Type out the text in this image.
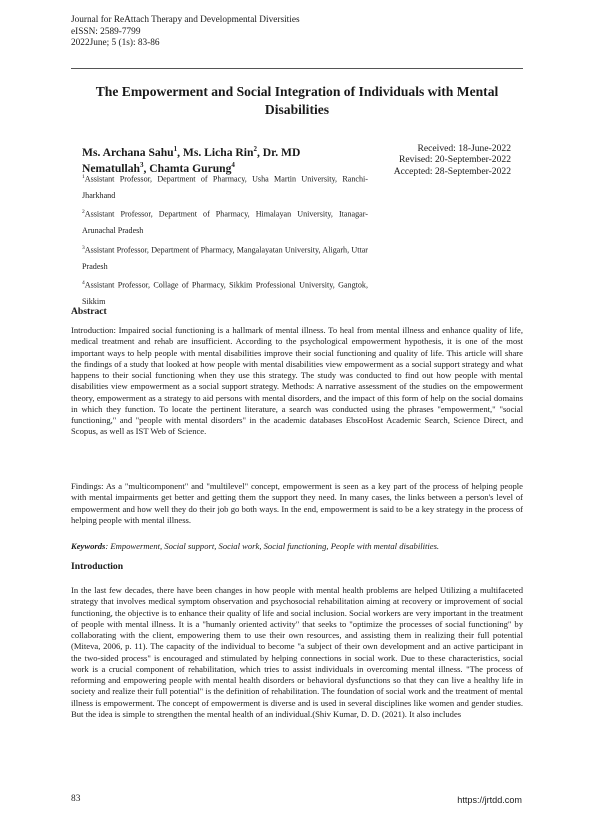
Journal for ReAttach Therapy and Developmental Diversities
eISSN: 2589-7799
2022June; 5 (1s): 83-86
The Empowerment and Social Integration of Individuals with Mental Disabilities
Ms. Archana Sahu$^1$, Ms. Licha Rin$^2$, Dr. MD
Nematullah$^3$, Chamta Gurung$^4$
Received: 18-June-2022
Revised: 20-September-2022
Accepted: 28-September-2022
$^1$Assistant Professor, Department of Pharmacy, Usha Martin University, Ranchi-Jharkhand
$^2$Assistant Professor, Department of Pharmacy, Himalayan University, Itanagar-Arunachal Pradesh
$^3$Assistant Professor, Department of Pharmacy, Mangalayatan University, Aligarh, Uttar Pradesh
$^4$Assistant Professor, Collage of Pharmacy, Sikkim Professional University, Gangtok, Sikkim
Abstract

Introduction: Impaired social functioning is a hallmark of mental illness. To heal from mental illness and enhance quality of life, medical treatment and rehab are insufficient. According to the psychological empowerment hypothesis, it is one of the most important ways to help people with mental disabilities improve their social functioning and quality of life. This article will share the findings of a study that looked at how people with mental disabilities view empowerment as a social support strategy and what happens to their social functioning when they use this strategy. The study was conducted to find out how people with mental disabilities view empowerment as a social support strategy. Methods: A narrative assessment of the studies on the empowerment theory, empowerment as a strategy to aid persons with mental disorders, and the impact of this form of help on the social domains in which they function. To locate the pertinent literature, a search was conducted using the phrases "empowerment," "social functioning," and "people with mental disorders" in the academic databases EbscoHost Academic Search, Science Direct, and Scopus, as well as IST Web of Science.

Findings: As a "multicomponent" and "multilevel" concept, empowerment is seen as a key part of the process of helping people with mental impairments get better and getting them the support they need. In many cases, the links between a person's level of empowerment and how well they do their job go both ways. In the end, empowerment is said to be a key strategy in the process of helping people with mental illness.

Keywords: Empowerment, Social support, Social work, Social functioning, People with mental disabilities.

Introduction

In the last few decades, there have been changes in how people with mental health problems are helped Utilizing a multifaceted strategy that involves medical symptom observation and psychosocial rehabilitation aiming at recovery or improvement of social functioning, the objective is to enhance their quality of life and social inclusion. Social workers are very important in the treatment of people with mental illness. It is a "humanly oriented activity" that seeks to "optimize the processes of social functioning" by collaborating with the client, empowering them to use their own resources, and assisting them in realizing their full potential (Miteva, 2006, p. 11). The capacity of the individual to become "a subject of their own development and an active participant in the two-sided process" is encouraged and stimulated by helping connections in social work. Due to these characteristics, social work is a crucial component of rehabilitation, which tries to assist individuals in overcoming mental illness. "The process of reforming and empowering people with mental health disorders or behavioral dysfunctions so that they can live a healthy life in society and realize their full potential" is the definition of rehabilitation. The foundation of social work and the treatment of mental illness is empowerment. The concept of empowerment is diverse and is used in several disciplines like women and gender studies. But the idea is simple to strengthen the mental health of an individual.(Shiv Kumar, D. D. (2021). It also includes

83	https://jrtdd.com
